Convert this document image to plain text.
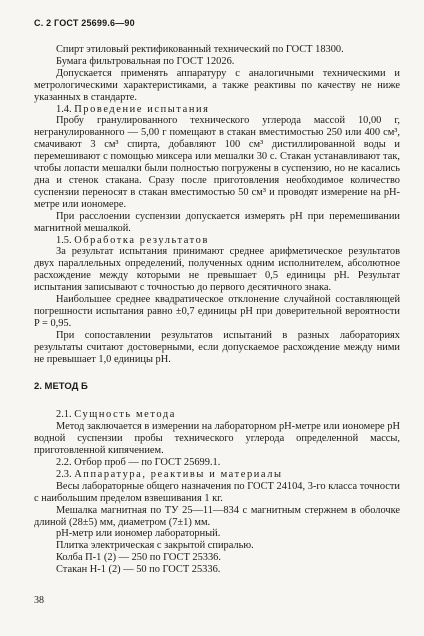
С. 2 ГОСТ 25699.6—90

Спирт этиловый ректификованный технический по ГОСТ 18300.

Бумага фильтровальная по ГОСТ 12026.

Допускается применять аппаратуру с аналогичными техническими и метрологическими характеристиками, а также реактивы по качеству не ниже указанных в стандарте.

1.4. Проведение испытания

Пробу гранулированного технического углерода массой 10,00 г, негранулированного — 5,00 г помещают в стакан вместимостью 250 или 400 см³, смачивают 3 см³ спирта, добавляют 100 см³ дистиллированной воды и перемешивают с помощью миксера или мешалки 30 с. Стакан устанавливают так, чтобы лопасти мешалки были полностью погружены в суспензию, но не касались дна и стенок стакана. Сразу после приготовления необходимое количество суспензии переносят в стакан вместимостью 50 см³ и проводят измерение на pH-метре или иономере.

При расслоении суспензии допускается измерять pH при перемешивании магнитной мешалкой.

1.5. Обработка результатов

За результат испытания принимают среднее арифметическое результатов двух параллельных определений, полученных одним исполнителем, абсолютное расхождение между которыми не превышает 0,5 единицы pH. Результат испытания записывают с точностью до первого десятичного знака.

Наибольшее среднее квадратическое отклонение случайной составляющей погрешности испытания равно ±0,7 единицы pH при доверительной вероятности P = 0,95.

При сопоставлении результатов испытаний в разных лабораториях результаты считают достоверными, если допускаемое расхождение между ними не превышает 1,0 единицы pH.

2. МЕТОД Б

2.1. Сущность метода

Метод заключается в измерении на лабораторном pH-метре или иономере pH водной суспензии пробы технического углерода определенной массы, приготовленной кипячением.

2.2. Отбор проб — по ГОСТ 25699.1.

2.3. Аппаратура, реактивы и материалы

Весы лабораторные общего назначения по ГОСТ 24104, 3-го класса точности с наибольшим пределом взвешивания 1 кг.

Мешалка магнитная по ТУ 25—11—834 с магнитным стержнем в оболочке длиной (28±5) мм, диаметром (7±1) мм.

pH-метр или иономер лабораторный.

Плитка электрическая с закрытой спиралью.

Колба П-1 (2) — 250 по ГОСТ 25336.

Стакан Н-1 (2) — 50 по ГОСТ 25336.

38
